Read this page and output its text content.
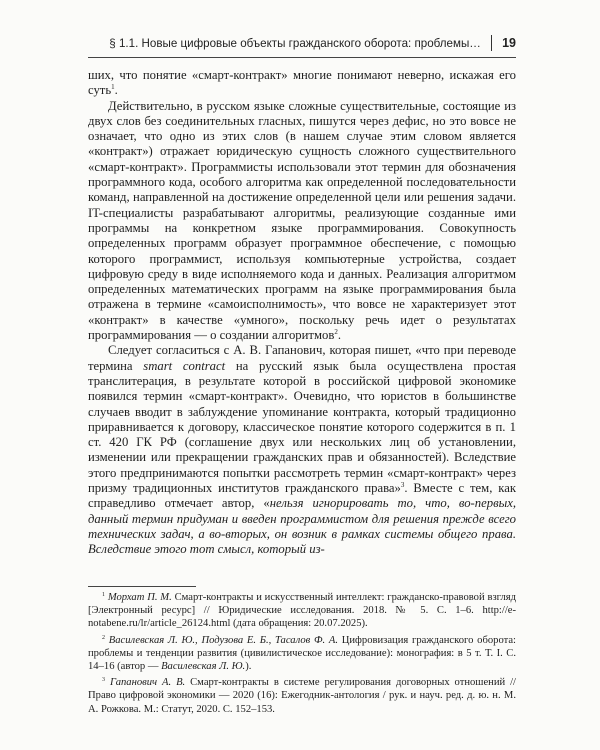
§ 1.1. Новые цифровые объекты гражданского оборота: проблемы… 19

ших, что понятие «смарт-контракт» многие понимают неверно, искажая его суть$^1$.

Действительно, в русском языке сложные существительные, состоящие из двух слов без соединительных гласных, пишутся через дефис, но это вовсе не означает, что одно из этих слов (в нашем случае этим словом является «контракт») отражает юридическую сущность сложного существительного «смарт-контракт». Программисты использовали этот термин для обозначения программного кода, особого алгоритма как определенной последовательности команд, направленной на достижение определенной цели или решения задачи. IT-специалисты разрабатывают алгоритмы, реализующие созданные ими программы на конкретном языке программирования. Совокупность определенных программ образует программное обеспечение, с помощью которого программист, используя компьютерные устройства, создает цифровую среду в виде исполняемого кода и данных. Реализация алгоритмом определенных математических программ на языке программирования была отражена в термине «самоисполнимость», что вовсе не характеризует этот «контракт» в качестве «умного», поскольку речь идет о результатах программирования — о создании алгоритмов$^2$.

Следует согласиться с А. В. Гапанович, которая пишет, «что при переводе термина smart contract на русский язык была осуществлена простая транслитерация, в результате которой в российской цифровой экономике появился термин «смарт-контракт». Очевидно, что юристов в большинстве случаев вводит в заблуждение упоминание контракта, который традиционно приравнивается к договору, классическое понятие которого содержится в п. 1 ст. 420 ГК РФ (соглашение двух или нескольких лиц об установлении, изменении или прекращении гражданских прав и обязанностей). Вследствие этого предпринимаются попытки рассмотреть термин «смарт-контракт» через призму традиционных институтов гражданского права»$^3$. Вместе с тем, как справедливо отмечает автор, «нельзя игнорировать то, что, во-первых, данный термин придуман и введен программистом для решения прежде всего технических задач, а во-вторых, он возник в рамках системы общего права. Вследствие этого тот смысл, который из-

$^1$ Морхат П. М. Смарт-контракты и искусственный интеллект: гражданско-правовой взгляд [Электронный ресурс] // Юридические исследования. 2018. № 5. С. 1–6. http://e-notabene.ru/lr/article_26124.html (дата обращения: 20.07.2025).

$^2$ Василевская Л. Ю., Подузова Е. Б., Тасалов Ф. А. Цифровизация гражданского оборота: проблемы и тенденции развития (цивилистическое исследование): монография: в 5 т. Т. I. С. 14–16 (автор — Василевская Л. Ю.).

$^3$ Гапанович А. В. Смарт-контракты в системе регулирования договорных отношений // Право цифровой экономики — 2020 (16): Ежегодник-антология / рук. и науч. ред. д. ю. н. М. А. Рожкова. М.: Статут, 2020. С. 152–153.
